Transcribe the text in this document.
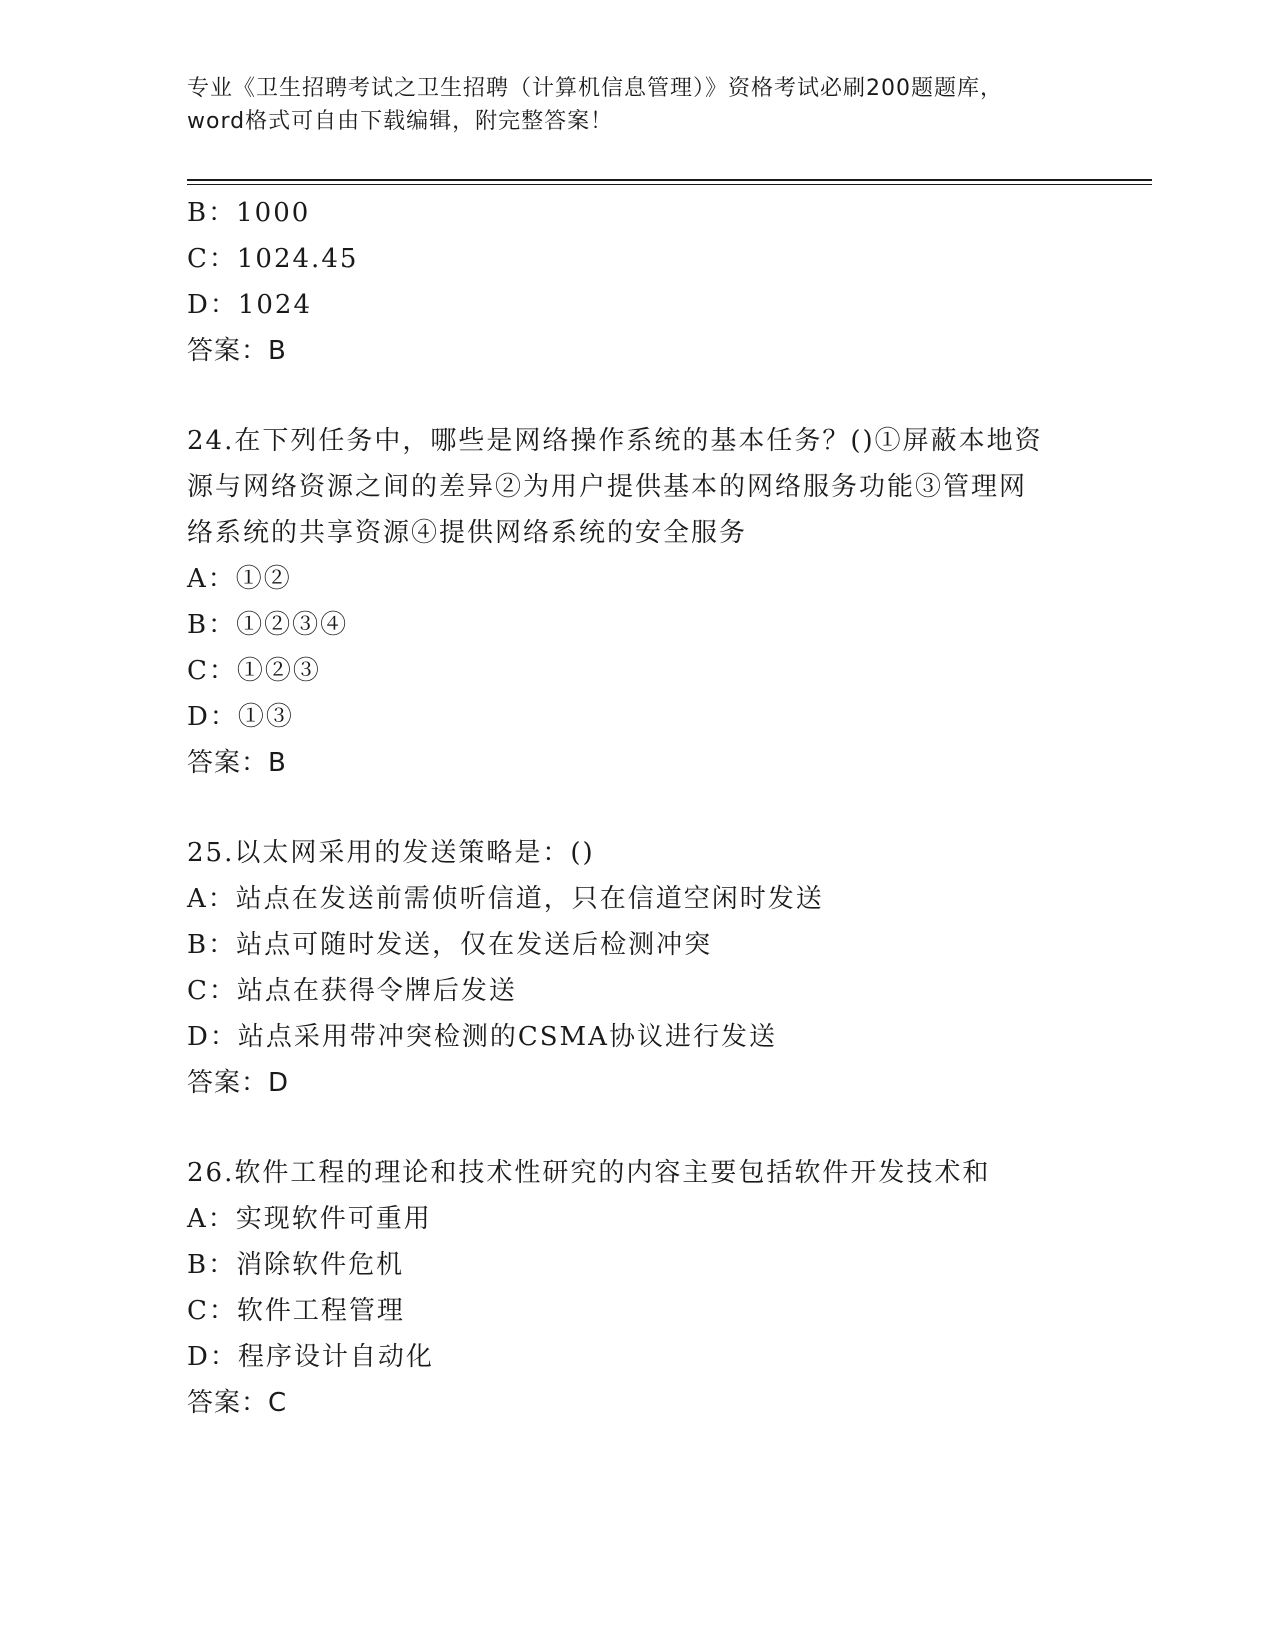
专业《卫生招聘考试之卫生招聘（计算机信息管理）》资格考试必刷200题题库，
word格式可自由下载编辑，附完整答案！
B：1000
C：1024.45
D：1024
答案：B
24.在下列任务中，哪些是网络操作系统的基本任务？()①屏蔽本地资
源与网络资源之间的差异②为用户提供基本的网络服务功能③管理网
络系统的共享资源④提供网络系统的安全服务
A：①②
B：①②③④
C：①②③
D：①③
答案：B
25.以太网采用的发送策略是：()
A：站点在发送前需侦听信道，只在信道空闲时发送
B：站点可随时发送，仅在发送后检测冲突
C：站点在获得令牌后发送
D：站点采用带冲突检测的CSMA协议进行发送
答案：D
26.软件工程的理论和技术性研究的内容主要包括软件开发技术和
A：实现软件可重用
B：消除软件危机
C：软件工程管理
D：程序设计自动化
答案：C
